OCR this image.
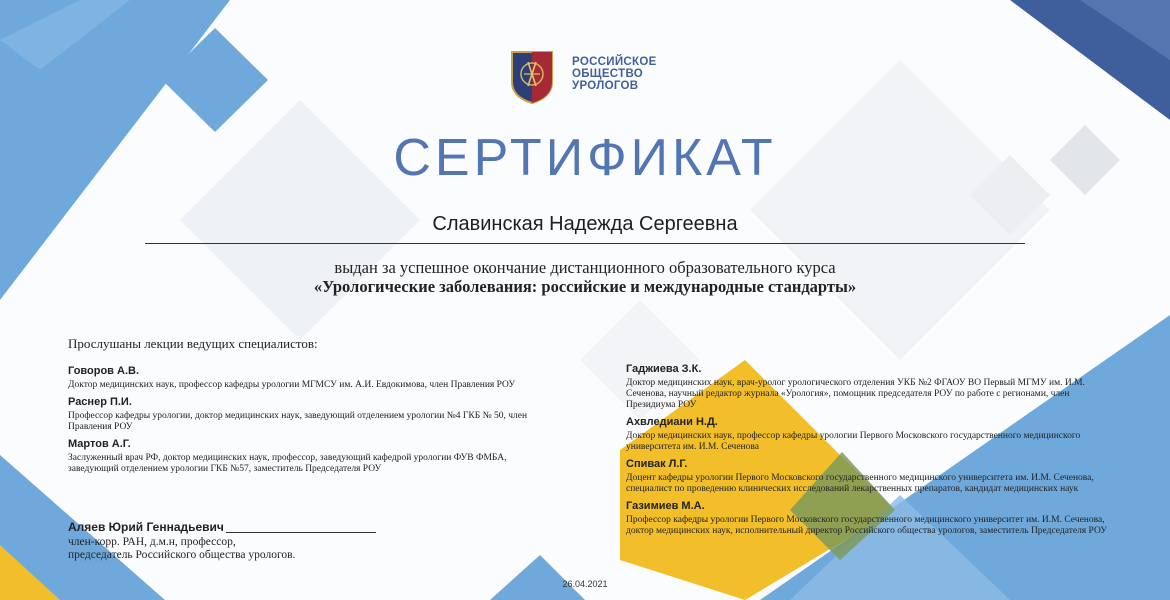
РОССИЙСКОЕ
ОБЩЕСТВО
УРОЛОГОВ
СЕРТИФИКАТ
Славинская Надежда Сергеевна
выдан за успешное окончание дистанционного образовательного курса
«Урологические заболевания: российские и международные стандарты»
Прослушаны лекции ведущих специалистов:
Говоров А.В.
Доктор медицинских наук, профессор кафедры урологии МГМСУ им. А.И. Евдокимова, член Правления РОУ
Раснер П.И.
Профессор кафедры урологии, доктор медицинских наук, заведующий отделением урологии №4 ГКБ № 50, член Правления РОУ
Мартов А.Г.
Заслуженный врач РФ, доктор медицинских наук, профессор, заведующий кафедрой урологии ФУВ ФМБА, заведующий отделением урологии ГКБ №57, заместитель Председателя РОУ
Гаджиева З.К.
Доктор медицинских наук, врач-уролог урологического отделения УКБ №2 ФГАОУ ВО Первый МГМУ им. И.М. Сеченова, научный редактор журнала «Урология», помощник председателя РОУ по работе с регионами, член Президиума РОУ
Ахвледиани Н.Д.
Доктор медицинских наук, профессор кафедры урологии Первого Московского государственного медицинского университета им. И.М. Сеченова
Спивак Л.Г.
Доцент кафедры урологии Первого Московского государственного медицинского университета им. И.М. Сеченова, специалист по проведению клинических исследований лекарственных препаратов, кандидат медицинских наук
Газимиев М.А.
Профессор кафедры урологии Первого Московского государственного медицинского университет им. И.М. Сеченова, доктор медицинских наук, исполнительный директор Российского общества урологов, заместитель Председателя РОУ
Аляев Юрий Геннадьевич
член-корр. РАН, д.м.н, профессор,
председатель Российского общества урологов.
26.04.2021
